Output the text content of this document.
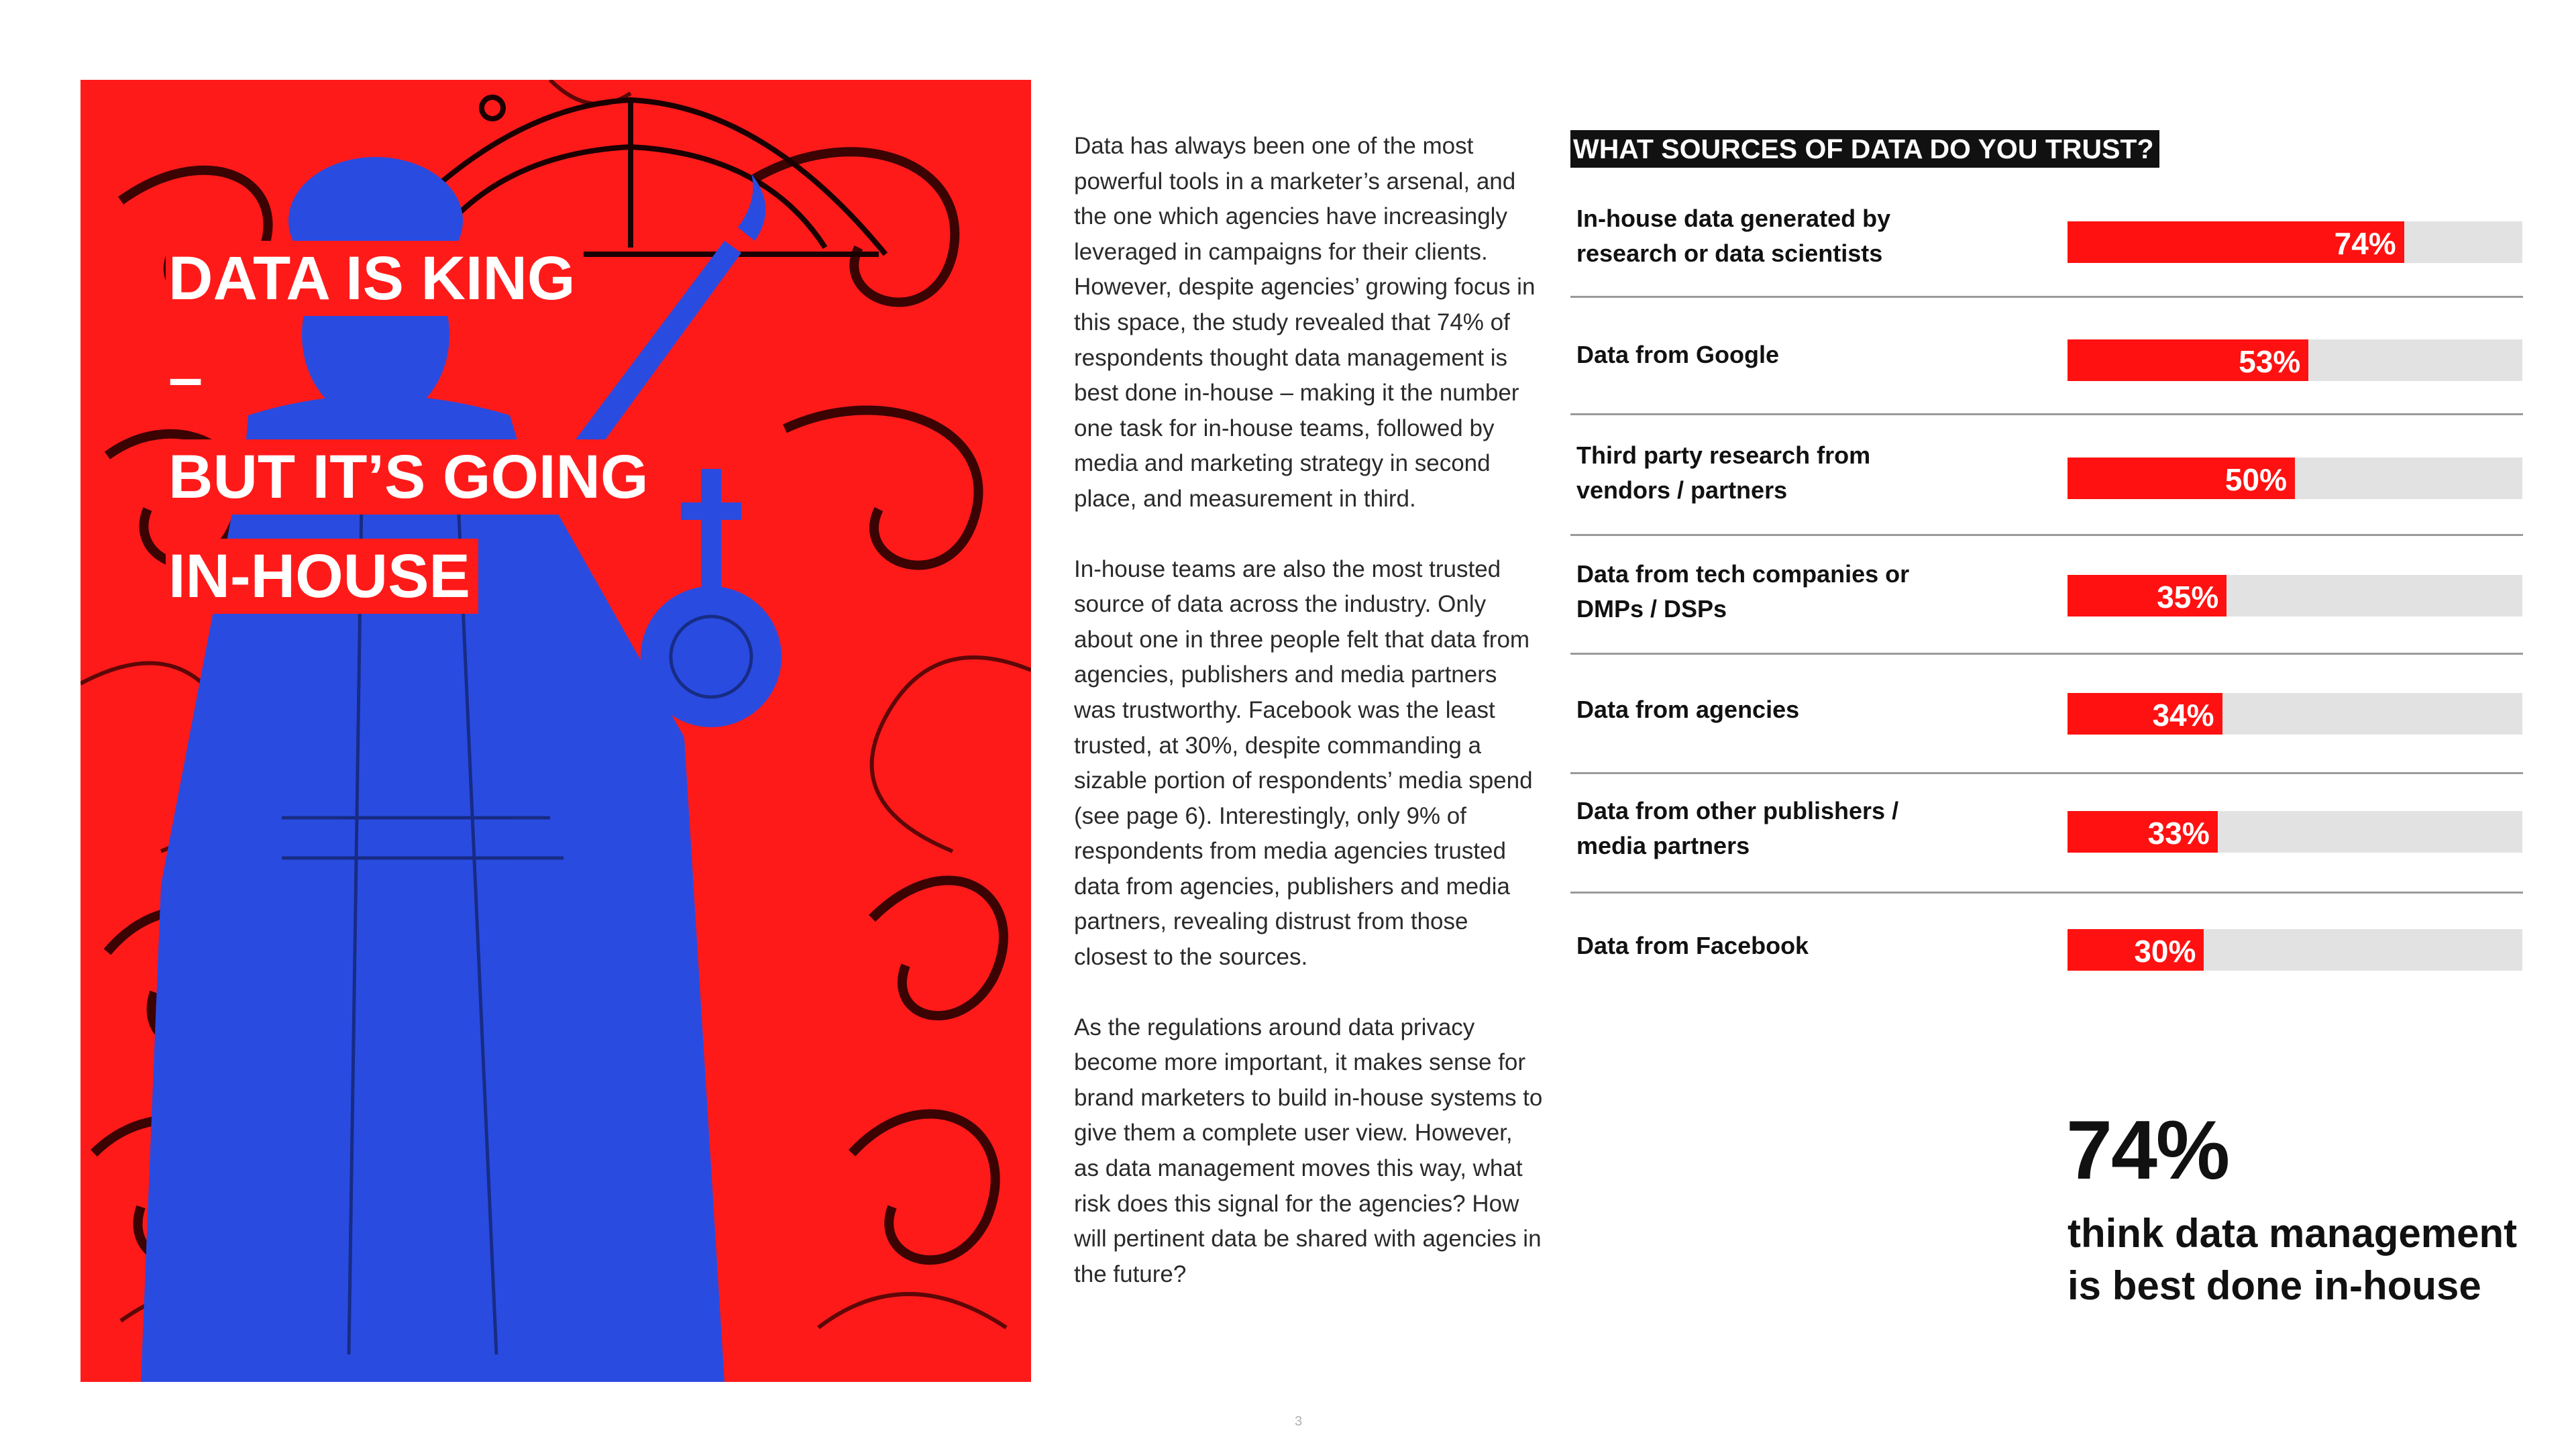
DATA IS KING
–
BUT IT’S GOING
IN-HOUSE

Data has always been one of the most powerful tools in a marketer’s arsenal, and the one which agencies have increasingly leveraged in campaigns for their clients. However, despite agencies’ growing focus in this space, the study revealed that 74% of respondents thought data management is best done in-house – making it the number one task for in-house teams, followed by media and marketing strategy in second place, and measurement in third.

In-house teams are also the most trusted source of data across the industry. Only about one in three people felt that data from agencies, publishers and media partners was trustworthy. Facebook was the least trusted, at 30%, despite commanding a sizable portion of respondents’ media spend (see page 6). Interestingly, only 9% of respondents from media agencies trusted data from agencies, publishers and media partners, revealing distrust from those closest to the sources.

As the regulations around data privacy become more important, it makes sense for brand marketers to build in-house systems to give them a complete user view. However, as data management moves this way, what risk does this signal for the agencies? How will pertinent data be shared with agencies in the future?

WHAT SOURCES OF DATA DO YOU TRUST?
In-house data generated by research or data scientists	74%
Data from Google	53%
Third party research from vendors / partners	50%
Data from tech companies or DMPs / DSPs	35%
Data from agencies	34%
Data from other publishers / media partners	33%
Data from Facebook	30%
74%
think data management is best done in-house
3
